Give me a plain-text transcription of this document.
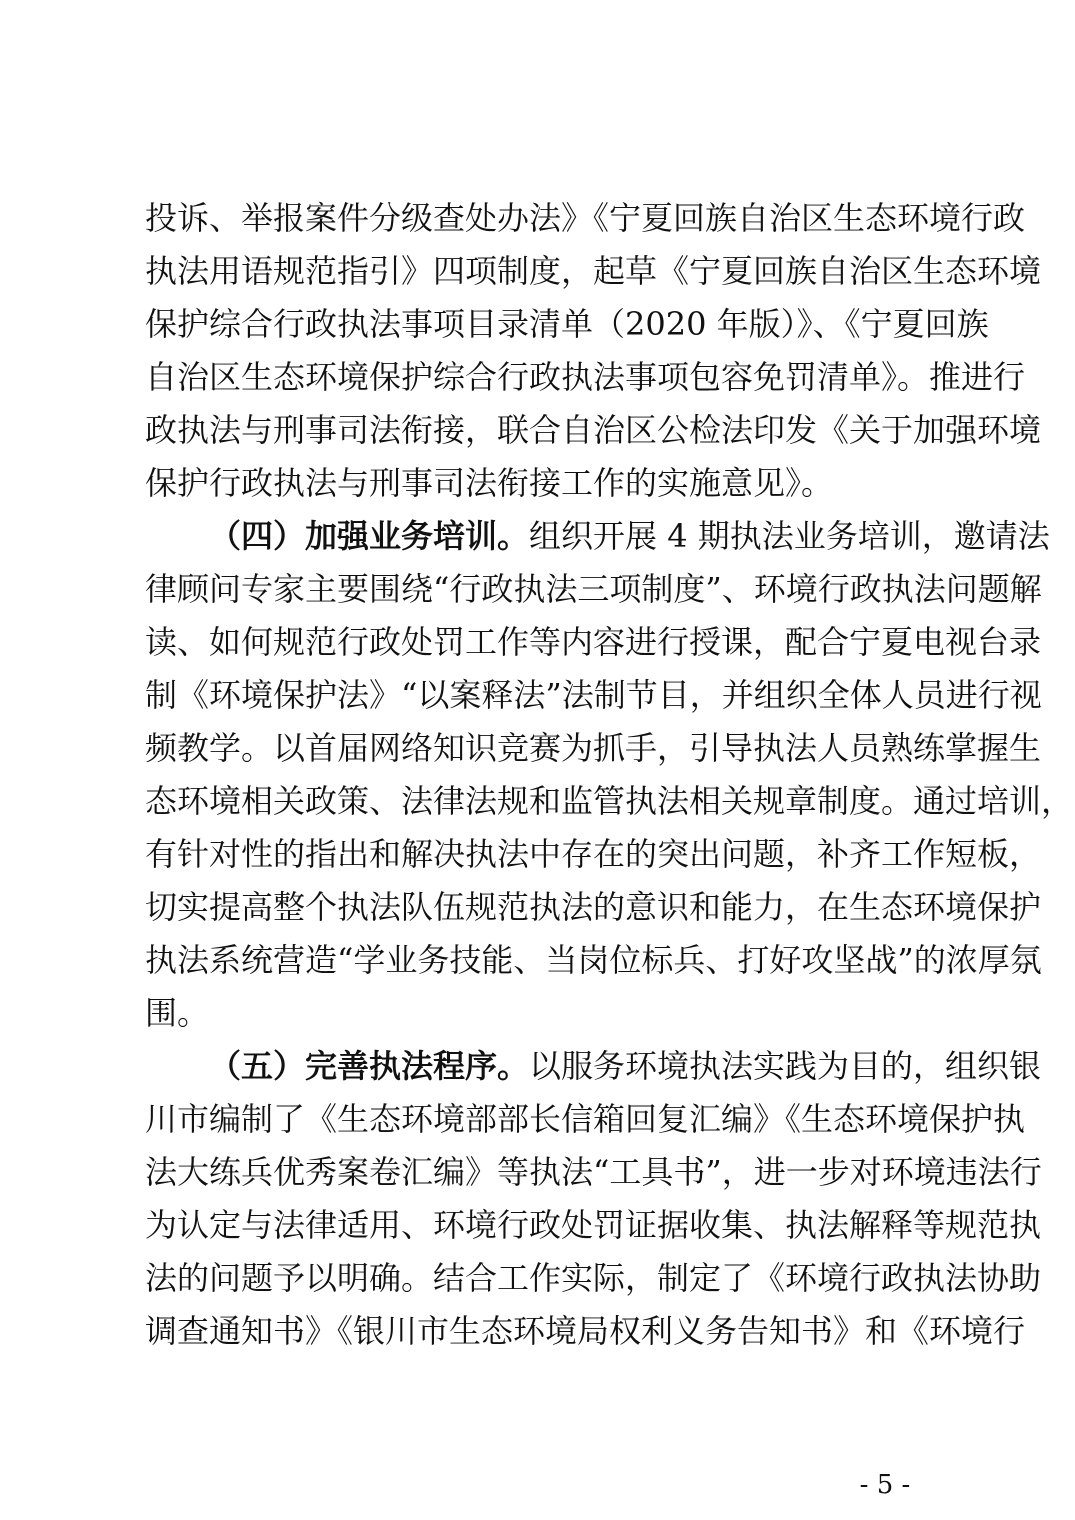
投诉、举报案件分级查处办法》《宁夏回族自治区生态环境行政
执法用语规范指引》四项制度，起草《宁夏回族自治区生态环境
保护综合行政执法事项目录清单（2020 年版）》、《宁夏回族
自治区生态环境保护综合行政执法事项包容免罚清单》。推进行
政执法与刑事司法衔接，联合自治区公检法印发《关于加强环境
保护行政执法与刑事司法衔接工作的实施意见》。
（四）加强业务培训。组织开展 4 期执法业务培训，邀请法
律顾问专家主要围绕“行政执法三项制度”、环境行政执法问题解
读、如何规范行政处罚工作等内容进行授课，配合宁夏电视台录
制《环境保护法》“以案释法”法制节目，并组织全体人员进行视
频教学。以首届网络知识竞赛为抓手，引导执法人员熟练掌握生
态环境相关政策、法律法规和监管执法相关规章制度。通过培训，
有针对性的指出和解决执法中存在的突出问题，补齐工作短板，
切实提高整个执法队伍规范执法的意识和能力，在生态环境保护
执法系统营造“学业务技能、当岗位标兵、打好攻坚战”的浓厚氛
围。
（五）完善执法程序。以服务环境执法实践为目的，组织银
川市编制了《生态环境部部长信箱回复汇编》《生态环境保护执
法大练兵优秀案卷汇编》等执法“工具书”，进一步对环境违法行
为认定与法律适用、环境行政处罚证据收集、执法解释等规范执
法的问题予以明确。结合工作实际，制定了《环境行政执法协助
调查通知书》《银川市生态环境局权利义务告知书》和《环境行
- 5 -
